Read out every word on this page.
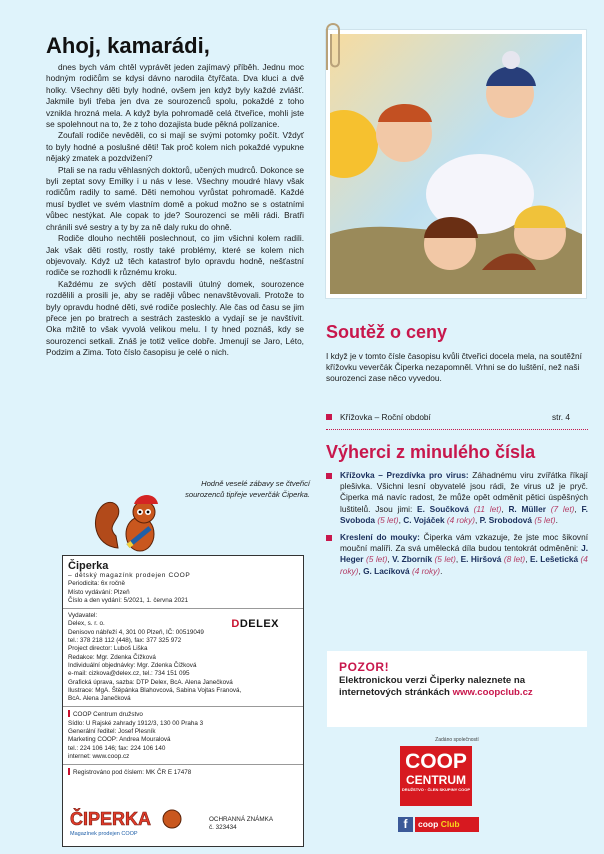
Ahoj, kamarádi,

dnes bych vám chtěl vyprávět jeden zajímavý příběh. Jednu moc hodným rodičům se kdysi dávno narodila čtyřčata. Dva kluci a dvě holky. Všechny děti byly hodné, ovšem jen když byly každé zvlášť. Jakmile byli třeba jen dva ze sourozenců spolu, pokaždé z toho vznikla hrozná mela. A když byla pohromadě celá čtveřice, mohli jste se spolehnout na to, že z toho dozajista bude pěkná polízanice.

Zoufalí rodiče nevěděli, co si mají se svými potomky počít. Vždyť to byly hodné a poslušné děti! Tak proč kolem nich pokaždé vypukne nějaký zmatek a pozdvižení?

Ptali se na radu věhlasných doktorů, učených mudrců. Dokonce se byli zeptat sovy Emilky i u nás v lese. Všechny moudré hlavy však rodičům radily to samé. Děti nemohou vyrůstat pohromadě. Každé musí bydlet ve svém vlastním domě a pokud možno se s ostatními vůbec nestýkat. Ale copak to jde? Sourozenci se měli rádi. Bratři chránili své sestry a ty by za ně daly ruku do ohně.

Rodiče dlouho nechtěli poslechnout, co jim všichni kolem radili. Jak však děti rostly, rostly také problémy, které se kolem nich objevovaly. Když už těch katastrof bylo opravdu hodně, nešťastní rodiče se rozhodli k různému kroku.

Každému ze svých dětí postavili útulný domek, sourozence rozdělili a prosili je, aby se raději vůbec nenavštěvovali. Protože to byly opravdu hodné děti, své rodiče poslechly. Ale čas od času se jim přece jen po bratrech a sestrách zastesklo a vydají se je navštívit. Oka mžitě to však vyvolá velikou melu. I ty hned poznáš, kdy se sourozenci setkali. Znáš je totiž velice dobře. Jmenují se Jaro, Léto, Podzim a Zima. Toto číslo časopisu je celé o nich.

Hodně veselé zábavy se čtveřicí sourozenců tipřeje veverčák Čiperka.
Čiperka
– dětský magazínk prodejen COOP
Periodicita: 6x ročně
Místo vydávání: Plzeň
Číslo a den vydání: 5/2021, 1. června 2021
DDELEX
Vydavatel:
Delex, s. r. o.
Denisovo nábřeží 4, 301 00 Plzeň, IČ: 00519049
tel.: 378 218 112 (448), fax: 377 325 972
Project director: Luboš Liška
Redakce: Mgr. Zdenka Čížková
Individuální objednávky: Mgr. Zdenka Čížková
e-mail: cizkova@delex.cz, tel.: 734 151 095
Grafická úprava, sazba: DTP Delex, BcA. Alena Janečková
Ilustrace: MgA. Štěpánka Blahovcová, Sabina Vojtas Franová,
BcA. Alena Janečková
COOP Centrum družstvo
Sídlo: U Rajské zahrady 1912/3, 130 00 Praha 3
Generální ředitel: Josef Plesník
Marketing COOP: Andrea Mouralová
tel.: 224 106 146; fax: 224 106 140
internet: www.coop.cz
Registrováno pod číslem: MK ČR E 17478
ČIPERKA
Magazínek prodejen COOP
OCHRANNÁ ZNÁMKA
č. 323434
Soutěž o ceny
I když je v tomto čísle časopisu kvůli čtveřici docela mela, na soutěžní křížovku veverčák Čiperka nezapomněl. Vrhni se do luštění, než naši sourozenci zase něco vyvedou.
Křížovka – Roční období	str. 4
Výherci z minulého čísla
Křížovka – Prezdívka pro virus: Záhadnému viru zvířátka říkají plešivka. Všichni lesní obyvatelé jsou rádi, že virus už je pryč. Čiperka má navíc radost, že může opět odměnit pětici úspěšných luštitelů. Jsou jimi: E. Součková (11 let), R. Müller (7 let), F. Svoboda (5 let), C. Vojáček (4 roky), P. Srobodová (5 let).
Kreslení do mouky: Čiperka vám vzkazuje, že jste moc šikovní mouční malíři. Za svá umělecká díla budou tentokrát odměněni: J. Heger (5 let), V. Zborník (5 let), E. Hiršová (8 let), E. Lešetická (4 roky), G. Lacíková (4 roky).
POZOR!
Elektronickou verzi Čiperky naleznete na internetových stránkách www.coopclub.cz
Zadáno společností
COOP
CENTRUM
DRUŽSTVO · ČLEN SKUPINY COOP
f	coop Club
